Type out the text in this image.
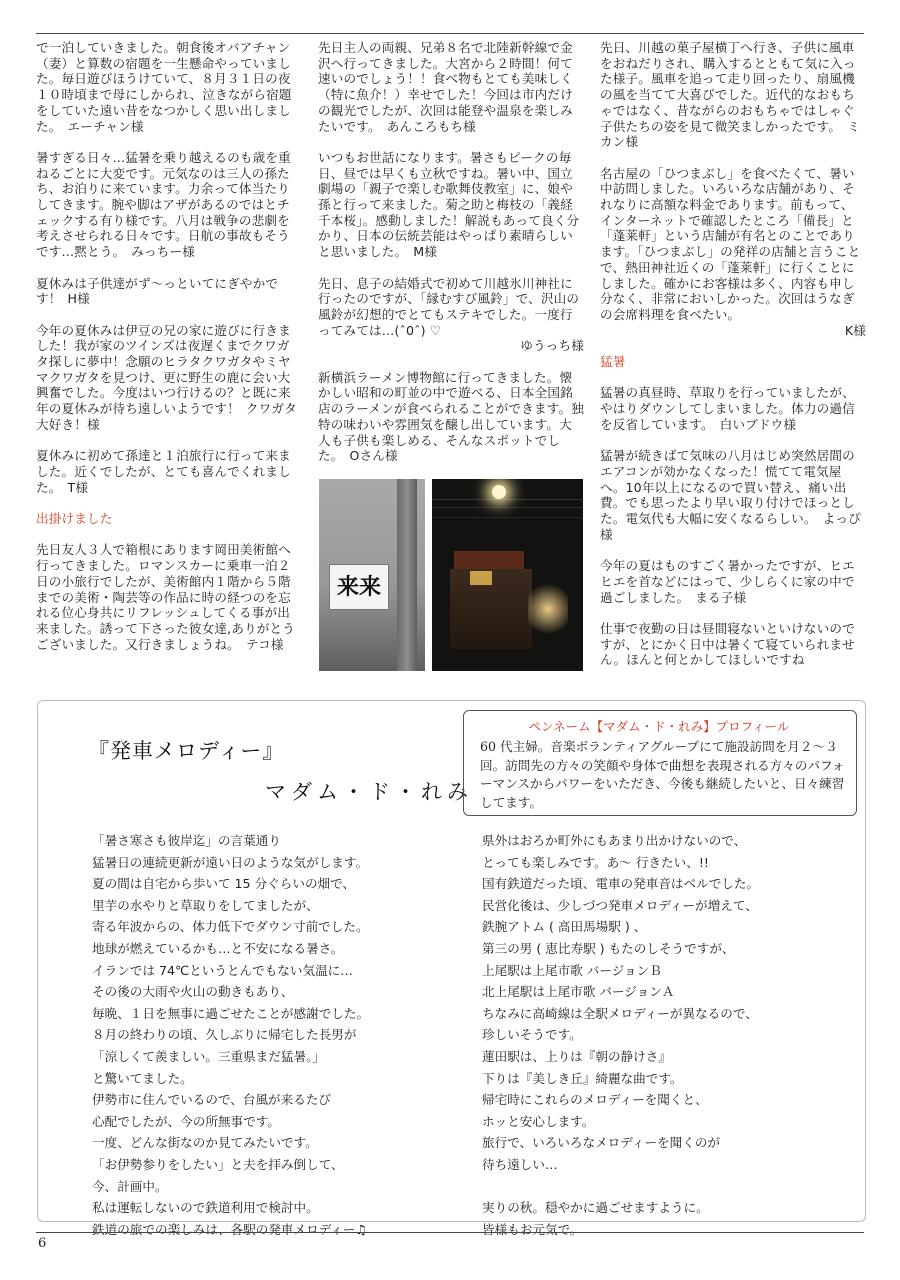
で一泊していきました。朝食後オバアチャン（妻）と算数の宿題を一生懸命やっていました。毎日遊びほうけていて、８月３１日の夜１０時頃まで母にしかられ、泣きながら宿題をしていた遠い昔をなつかしく思い出しました。 エーチャン様

暑すぎる日々…猛暑を乗り越えるのも歳を重ねるごとに大変です。元気なのは三人の孫たち、お泊りに来ています。力余って体当たりしてきます。腕や脚はアザがあるのではとチェックする有り様です。八月は戦争の悲劇を考えさせられる日々です。日航の事故もそうです…黙とう。 みっちー様

夏休みは子供達がず～っといてにぎやかです！ H様

今年の夏休みは伊豆の兄の家に遊びに行きました！我が家のツインズは夜遅くまでクワガタ探しに夢中！念願のヒラタクワガタやミヤマクワガタを見つけ、更に野生の鹿に会い大興奮でした。今度はいつ行けるの？と既に来年の夏休みが待ち遠しいようです！ クワガタ大好き！様

夏休みに初めて孫達と１泊旅行に行って来ました。近くでしたが、とても喜んでくれました。 T様

出掛けました

先日友人３人で箱根にあります岡田美術館へ行ってきました。ロマンスカーに乗車一泊２日の小旅行でしたが、美術館内１階から５階までの美術・陶芸等の作品に時の経つのを忘れる位心身共にリフレッシュしてくる事が出来ました。誘って下さった彼女達,ありがとうございました。又行きましょうね。 テコ様

先日主人の両親、兄弟８名で北陸新幹線で金沢へ行ってきました。大宮から２時間！何て速いのでしょう！！食べ物もとても美味しく（特に魚介！）幸せでした！今回は市内だけの観光でしたが、次回は能登や温泉を楽しみたいです。 あんころもち様

いつもお世話になります。暑さもピークの毎日、昼では早くも立秋ですね。暑い中、国立劇場の「親子で楽しむ歌舞伎教室」に、娘や孫と行って来ました。菊之助と梅枝の「義経千本桜」。感動しました！解説もあって良く分かり、日本の伝統芸能はやっぱり素晴らしいと思いました。 M様

先日、息子の結婚式で初めて川越氷川神社に行ったのですが、「縁むすび風鈴」で、沢山の風鈴が幻想的でとてもステキでした。一度行ってみては…(ˆ0ˆ) ♡
ゆうっち様

新横浜ラーメン博物館に行ってきました。懐かしい昭和の町並の中で遊べる、日本全国銘店のラーメンが食べられることができます。独特の味わいや雰囲気を醸し出しています。大人も子供も楽しめる、そんなスポットでした。 Oさん様

来来

先日、川越の菓子屋横丁へ行き、子供に風車をおねだりされ、購入するとともて気に入った様子。風車を追って走り回ったり、扇風機の風を当てて大喜びでした。近代的なおもちゃではなく、昔ながらのおもちゃではしゃぐ子供たちの姿を見て微笑ましかったです。 ミカン様

名古屋の「ひつまぶし」を食べたくて、暑い中訪問しました。いろいろな店舗があり、それなりに高額な料金であります。前もって、インターネットで確認したところ「備長」と「蓬莱軒」という店舗が有名とのことであります。「ひつまぶし」の発祥の店舗と言うことで、熱田神社近くの「蓬莱軒」に行くことにしました。確かにお客様は多く、内容も申し分なく、非常においしかった。次回はうなぎの会席料理を食べたい。
K様

猛暑

猛暑の真昼時、草取りを行っていましたが、やはりダウンしてしまいました。体力の過信を反省しています。 白いブドウ様

猛暑が続きばて気味の八月はじめ突然居間のエアコンが効かなくなった！慌てて電気屋へ。10年以上になるので買い替え、痛い出費。でも思ったより早い取り付けでほっとした。電気代も大幅に安くなるらしい。 よっぴ様

今年の夏はものすごく暑かったですが、ヒエヒエを首などにはって、少しらくに家の中で過ごしました。 まる子様

仕事で夜勤の日は昼間寝ないといけないのですが、とにかく日中は暑くて寝ていられません。ほんと何とかしてほしいですね

『発車メロディー』
マダム・ド・れみ
ペンネーム【マダム・ド・れみ】プロフィール
60 代主婦。音楽ボランティアグループにて施設訪問を月２～３回。訪問先の方々の笑顔や身体で曲想を表現される方々のパフォーマンスからパワーをいただき、今後も継続したいと、日々練習してます。
「暑さ寒さも彼岸迄」の言葉通り
猛暑日の連続更新が遠い日のような気がします。
夏の間は自宅から歩いて 15 分ぐらいの畑で、
里芋の水やりと草取りをしてましたが、
寄る年波からの、体力低下でダウン寸前でした。
地球が燃えているかも…と不安になる暑さ。
イランでは 74℃というとんでもない気温に…
その後の大雨や火山の動きもあり、
毎晩、１日を無事に過ごせたことが感謝でした。
８月の終わりの頃、久しぶりに帰宅した長男が
「涼しくて羨ましい。三重県まだ猛暑。」
と驚いてました。
伊勢市に住んでいるので、台風が来るたび
心配でしたが、今の所無事です。
一度、どんな街なのか見てみたいです。
「お伊勢参りをしたい」と夫を拝み倒して、
今、計画中。
私は運転しないので鉄道利用で検討中。
鉄道の旅での楽しみは、各駅の発車メロディー♫
県外はおろか町外にもあまり出かけないので、
とっても楽しみです。あ～ 行きたい、!!
国有鉄道だった頃、電車の発車音はベルでした。
民営化後は、少しづつ発車メロディーが増えて、
鉄腕アトム ( 高田馬場駅 ) 、
第三の男 ( 恵比寿駅 ) もたのしそうですが、
上尾駅は上尾市歌 バージョンＢ
北上尾駅は上尾市歌 バージョンＡ
ちなみに高崎線は全駅メロディーが異なるので、
珍しいそうです。
蓮田駅は、上りは『朝の静けさ』
下りは『美しき丘』綺麗な曲です。
帰宅時にこれらのメロディーを聞くと、
ホッと安心します。
旅行で、いろいろなメロディーを聞くのが
待ち遠しい…
実りの秋。穏やかに過ごせますように。
皆様もお元気で。
6
